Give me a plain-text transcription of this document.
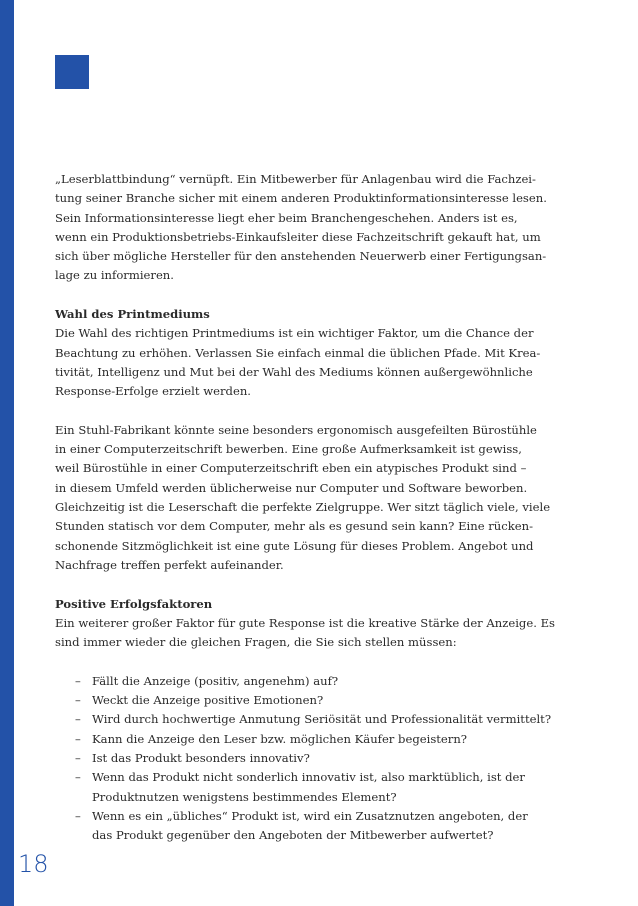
„Leserblattbindung“ vernüpft. Ein Mitbewerber für Anlagenbau wird die Fachzei-
tung seiner Branche sicher mit einem anderen Produktinformationsinteresse lesen.
Sein Informationsinteresse liegt eher beim Branchengeschehen. Anders ist es,
wenn ein Produktionsbetriebs-Einkaufsleiter diese Fachzeitschrift gekauft hat, um
sich über mögliche Hersteller für den anstehenden Neuerwerb einer Fertigungsan-
lage zu informieren.

Wahl des Printmediums
Die Wahl des richtigen Printmediums ist ein wichtiger Faktor, um die Chance der
Beachtung zu erhöhen. Verlassen Sie einfach einmal die üblichen Pfade. Mit Krea-
tivität, Intelligenz und Mut bei der Wahl des Mediums können außergewöhnliche
Response-Erfolge erzielt werden.

Ein Stuhl-Fabrikant könnte seine besonders ergonomisch ausgefeilten Bürostühle
in einer Computerzeitschrift bewerben. Eine große Aufmerksamkeit ist gewiss,
weil Bürostühle in einer Computerzeitschrift eben ein atypisches Produkt sind –
in diesem Umfeld werden üblicherweise nur Computer und Software beworben.
Gleichzeitig ist die Leserschaft die perfekte Zielgruppe. Wer sitzt täglich viele, viele
Stunden statisch vor dem Computer, mehr als es gesund sein kann? Eine rücken-
schonende Sitzmöglichkeit ist eine gute Lösung für dieses Problem. Angebot und
Nachfrage treffen perfekt aufeinander.

Positive Erfolgsfaktoren
Ein weiterer großer Faktor für gute Response ist die kreative Stärke der Anzeige. Es
sind immer wieder die gleichen Fragen, die Sie sich stellen müssen:

– Fällt die Anzeige (positiv, angenehm) auf?
– Weckt die Anzeige positive Emotionen?
– Wird durch hochwertige Anmutung Seriösität und Professionalität vermittelt?
– Kann die Anzeige den Leser bzw. möglichen Käufer begeistern?
– Ist das Produkt besonders innovativ?
– Wenn das Produkt nicht sonderlich innovativ ist, also marktüblich, ist der
Produktnutzen wenigstens bestimmendes Element?
– Wenn es ein „übliches“ Produkt ist, wird ein Zusatznutzen angeboten, der
das Produkt gegenüber den Angeboten der Mitbewerber aufwertet?
18
